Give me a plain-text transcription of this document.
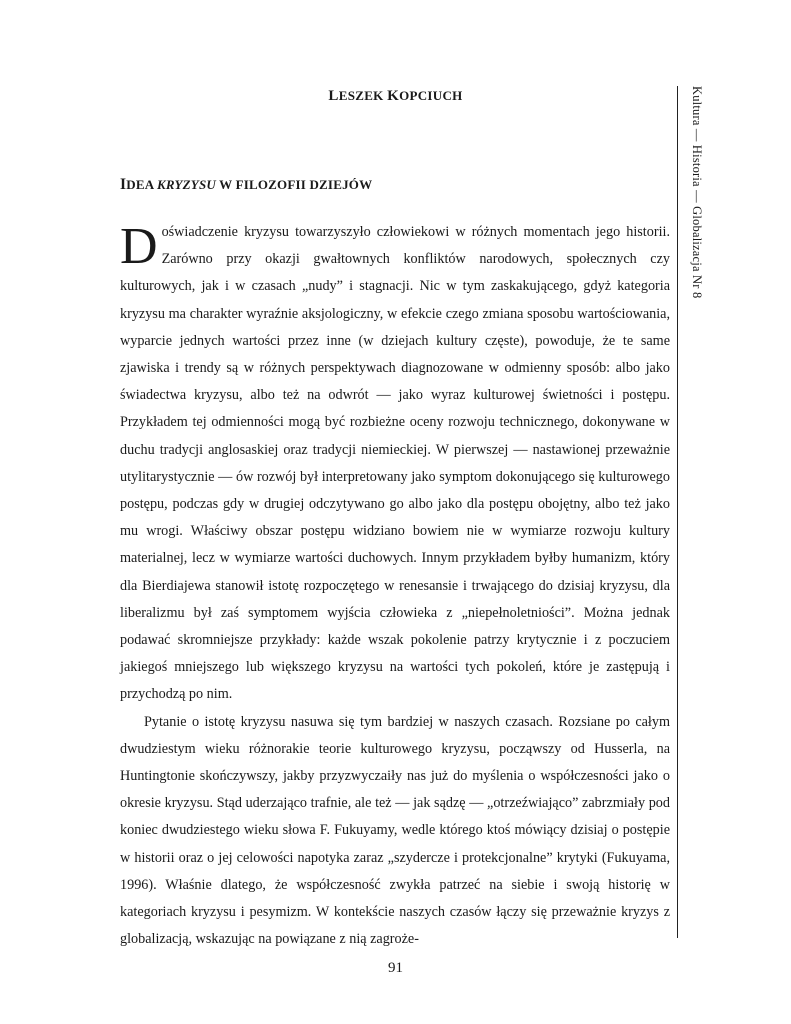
LESZEK KOPCIUCH	Kultura — Historia — Globalizacja Nr 8
IDEA KRYZYSU W FILOZOFII DZIEJÓW

Doświadczenie kryzysu towarzyszyło człowiekowi w różnych momentach jego historii. Zarówno przy okazji gwałtownych konfliktów narodowych, społecznych czy kulturowych, jak i w czasach „nudy” i stagnacji. Nic w tym zaskakującego, gdyż kategoria kryzysu ma charakter wyraźnie aksjologiczny, w efekcie czego zmiana sposobu wartościowania, wyparcie jednych wartości przez inne (w dziejach kultury częste), powoduje, że te same zjawiska i trendy są w różnych perspektywach diagnozowane w odmienny sposób: albo jako świadectwa kryzysu, albo też na odwrót — jako wyraz kulturowej świetności i postępu. Przykładem tej odmienności mogą być rozbieżne oceny rozwoju technicznego, dokonywane w duchu tradycji anglosaskiej oraz tradycji niemieckiej. W pierwszej — nastawionej przeważnie utylitarystycznie — ów rozwój był interpretowany jako symptom dokonującego się kulturowego postępu, podczas gdy w drugiej odczytywano go albo jako dla postępu obojętny, albo też jako mu wrogi. Właściwy obszar postępu widziano bowiem nie w wymiarze rozwoju kultury materialnej, lecz w wymiarze wartości duchowych. Innym przykładem byłby humanizm, który dla Bierdiajewa stanowił istotę rozpoczętego w renesansie i trwającego do dzisiaj kryzysu, dla liberalizmu był zaś symptomem wyjścia człowieka z „niepełnoletniości”. Można jednak podawać skromniejsze przykłady: każde wszak pokolenie patrzy krytycznie i z poczuciem jakiegoś mniejszego lub większego kryzysu na wartości tych pokoleń, które je zastępują i przychodzą po nim.

Pytanie o istotę kryzysu nasuwa się tym bardziej w naszych czasach. Rozsiane po całym dwudziestym wieku różnorakie teorie kulturowego kryzysu, począwszy od Husserla, na Huntingtonie skończywszy, jakby przyzwyczaiły nas już do myślenia o współczesności jako o okresie kryzysu. Stąd uderzająco trafnie, ale też — jak sądzę — „otrzeźwiająco” zabrzmiały pod koniec dwudziestego wieku słowa F. Fukuyamy, wedle którego ktoś mówiący dzisiaj o postępie w historii oraz o jej celowości napotyka zaraz „szydercze i protekcjonalne” krytyki (Fukuyama, 1996). Właśnie dlatego, że współczesność zwykła patrzeć na siebie i swoją historię w kategoriach kryzysu i pesymizm. W kontekście naszych czasów łączy się przeważnie kryzys z globalizacją, wskazując na powiązane z nią zagroże-

91
